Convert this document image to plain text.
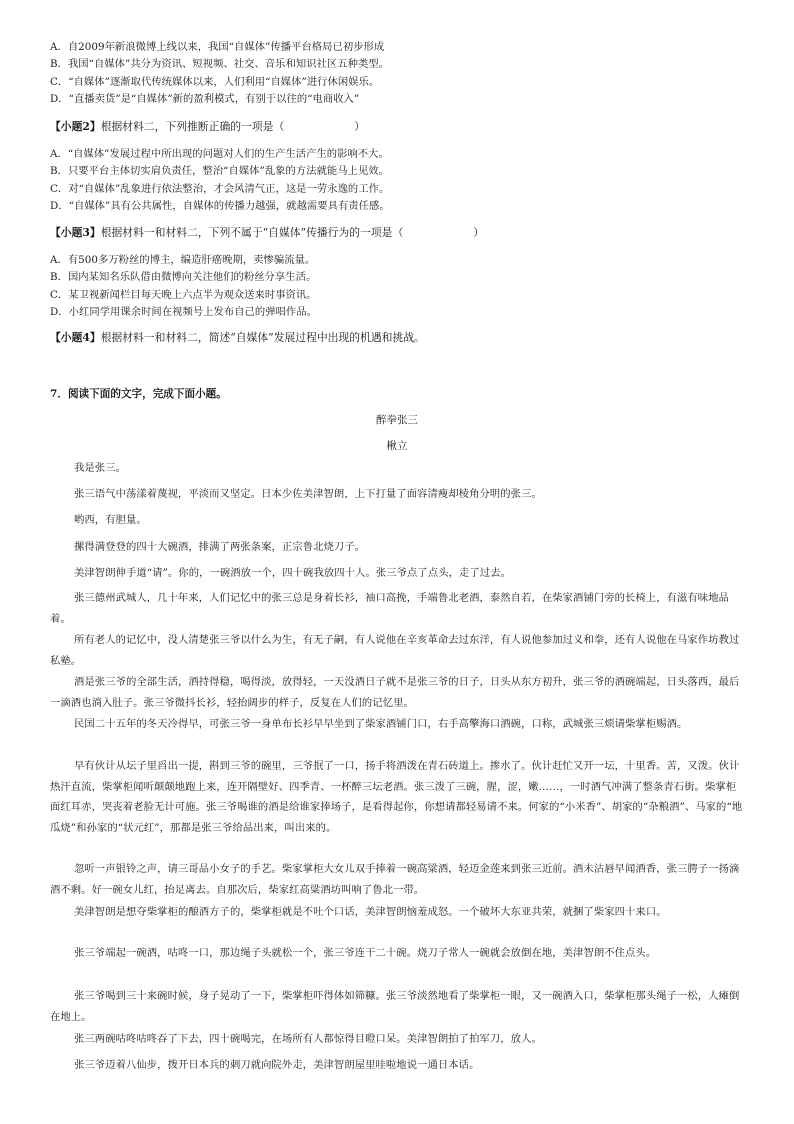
A．自2009年新浪微博上线以来，我国“自媒体”传播平台格局已初步形成
B．我国“自媒体”共分为资讯、短视频、社交、音乐和知识社区五种类型。
C．“自媒体”逐渐取代传统媒体以来，人们利用“自媒体”进行休闲娱乐。
D．“直播卖货”是“自媒体”新的盈利模式，有别于以往的“电商收入”
【小题2】根据材料二，下列推断正确的一项是（	）
A．“自媒体”发展过程中所出现的问题对人们的生产生活产生的影响不大。
B．只要平台主体切实肩负责任，整治“自媒体”乱象的方法就能马上见效。
C．对“自媒体”乱象进行依法整治，才会风清气正，这是一劳永逸的工作。
D．“自媒体”具有公共属性，自媒体的传播力越强，就越需要具有责任感。
【小题3】根据材料一和材料二，下列不属于“自媒体”传播行为的一项是（	）
A．有500多万粉丝的博主，编造肝癌晚期，卖惨骗流量。
B．国内某知名乐队借由微博向关注他们的粉丝分享生活。
C．某卫视新闻栏目每天晚上六点半为观众送来时事资讯。
D．小红同学用课余时间在视频号上发布自己的弹唱作品。
【小题4】根据材料一和材料二，简述“自媒体”发展过程中出现的机遇和挑战。
7．阅读下面的文字，完成下面小题。
醉拳张三
楸立
我是张三。
张三语气中荡漾着蔑视，平淡而又坚定。日本少佐美津智朗，上下打量了面容清瘦却棱角分明的张三。
哟西，有胆量。
摞得满登登的四十大碗酒，排满了两张条案，正宗鲁北烧刀子。
美津智朗伸手道“请”。你的，一碗酒放一个，四十碗我放四十人。张三爷点了点头，走了过去。
张三德州武城人，几十年来，人们记忆中的张三总是身着长衫，袖口高挽，手端鲁北老酒，泰然自若，在柴家酒铺门旁的长椅上，有滋有味地品着。
所有老人的记忆中，没人清楚张三爷以什么为生，有无子嗣，有人说他在辛亥革命去过东洋，有人说他参加过义和拳，还有人说他在马家作坊教过私塾。
酒是张三爷的全部生活，酒持得稳，喝得淡，放得轻，一天没酒日子就不是张三爷的日子，日头从东方初升，张三爷的酒碗端起，日头落西，最后一滴酒也淌入肚子。张三爷微抖长衫，轻抬阔步的样子，反复在人们的记忆里。
民国二十五年的冬天冷得早，可张三爷一身单布长衫早早坐到了柴家酒铺门口，右手高擎海口酒碗，口称，武城张三烦请柴掌柜赐酒。
早有伙计从坛子里舀出一提，斟到三爷的碗里，三爷抿了一口，扬手将酒泼在青石砖道上。掺水了。伙计赶忙又开一坛，十里香。苦，又泼。伙计热汗直流，柴掌柜闻听颠颠地跑上来，连开隔壁好、四季青、一杯醉三坛老酒。张三泼了三碗，腥，涩，嫩……，一时酒气冲满了整条青石街。柴掌柜面红耳赤，哭丧着老脸无计可施。张三爷喝谁的酒是给谁家捧场子，是看得起你，你想请都轻易请不来。何家的“小米香”、胡家的“杂粮酒”、马家的“地瓜烧”和孙家的“状元红”，那都是张三爷给品出来，叫出来的。
忽听一声银铃之声，请三哥品小女子的手艺。柴家掌柜大女儿双手捧着一碗高粱酒，轻迈金莲来到张三近前。酒未沾唇早闻酒香，张三腭子一扬滴酒不剩。好一碗女儿红，抬足离去。自那次后，柴家红高粱酒坊叫响了鲁北一带。
美津智朗是想夺柴掌柜的酿酒方子的，柴掌柜就是不吐个口话，美津智朗恼羞成怒。一个破坏大东亚共荣，就捆了柴家四十来口。
张三爷端起一碗酒，咕咚一口，那边绳子头就松一个，张三爷连干二十碗。烧刀子常人一碗就会放倒在地，美津智朗不住点头。
张三爷喝到三十来碗时候，身子晃动了一下，柴掌柜吓得体如筛糠。张三爷淡然地看了柴掌柜一眼，又一碗酒入口，柴掌柜那头绳子一松，人瘫倒在地上。
张三两碗咕咚咕咚吞了下去，四十碗喝完，在场所有人都惊得目瞪口呆。美津智朗拍了拍军刀，放人。
张三爷迈着八仙步，拨开日本兵的刺刀就向院外走，美津智朗屋里哇啦地说一通日本话。
